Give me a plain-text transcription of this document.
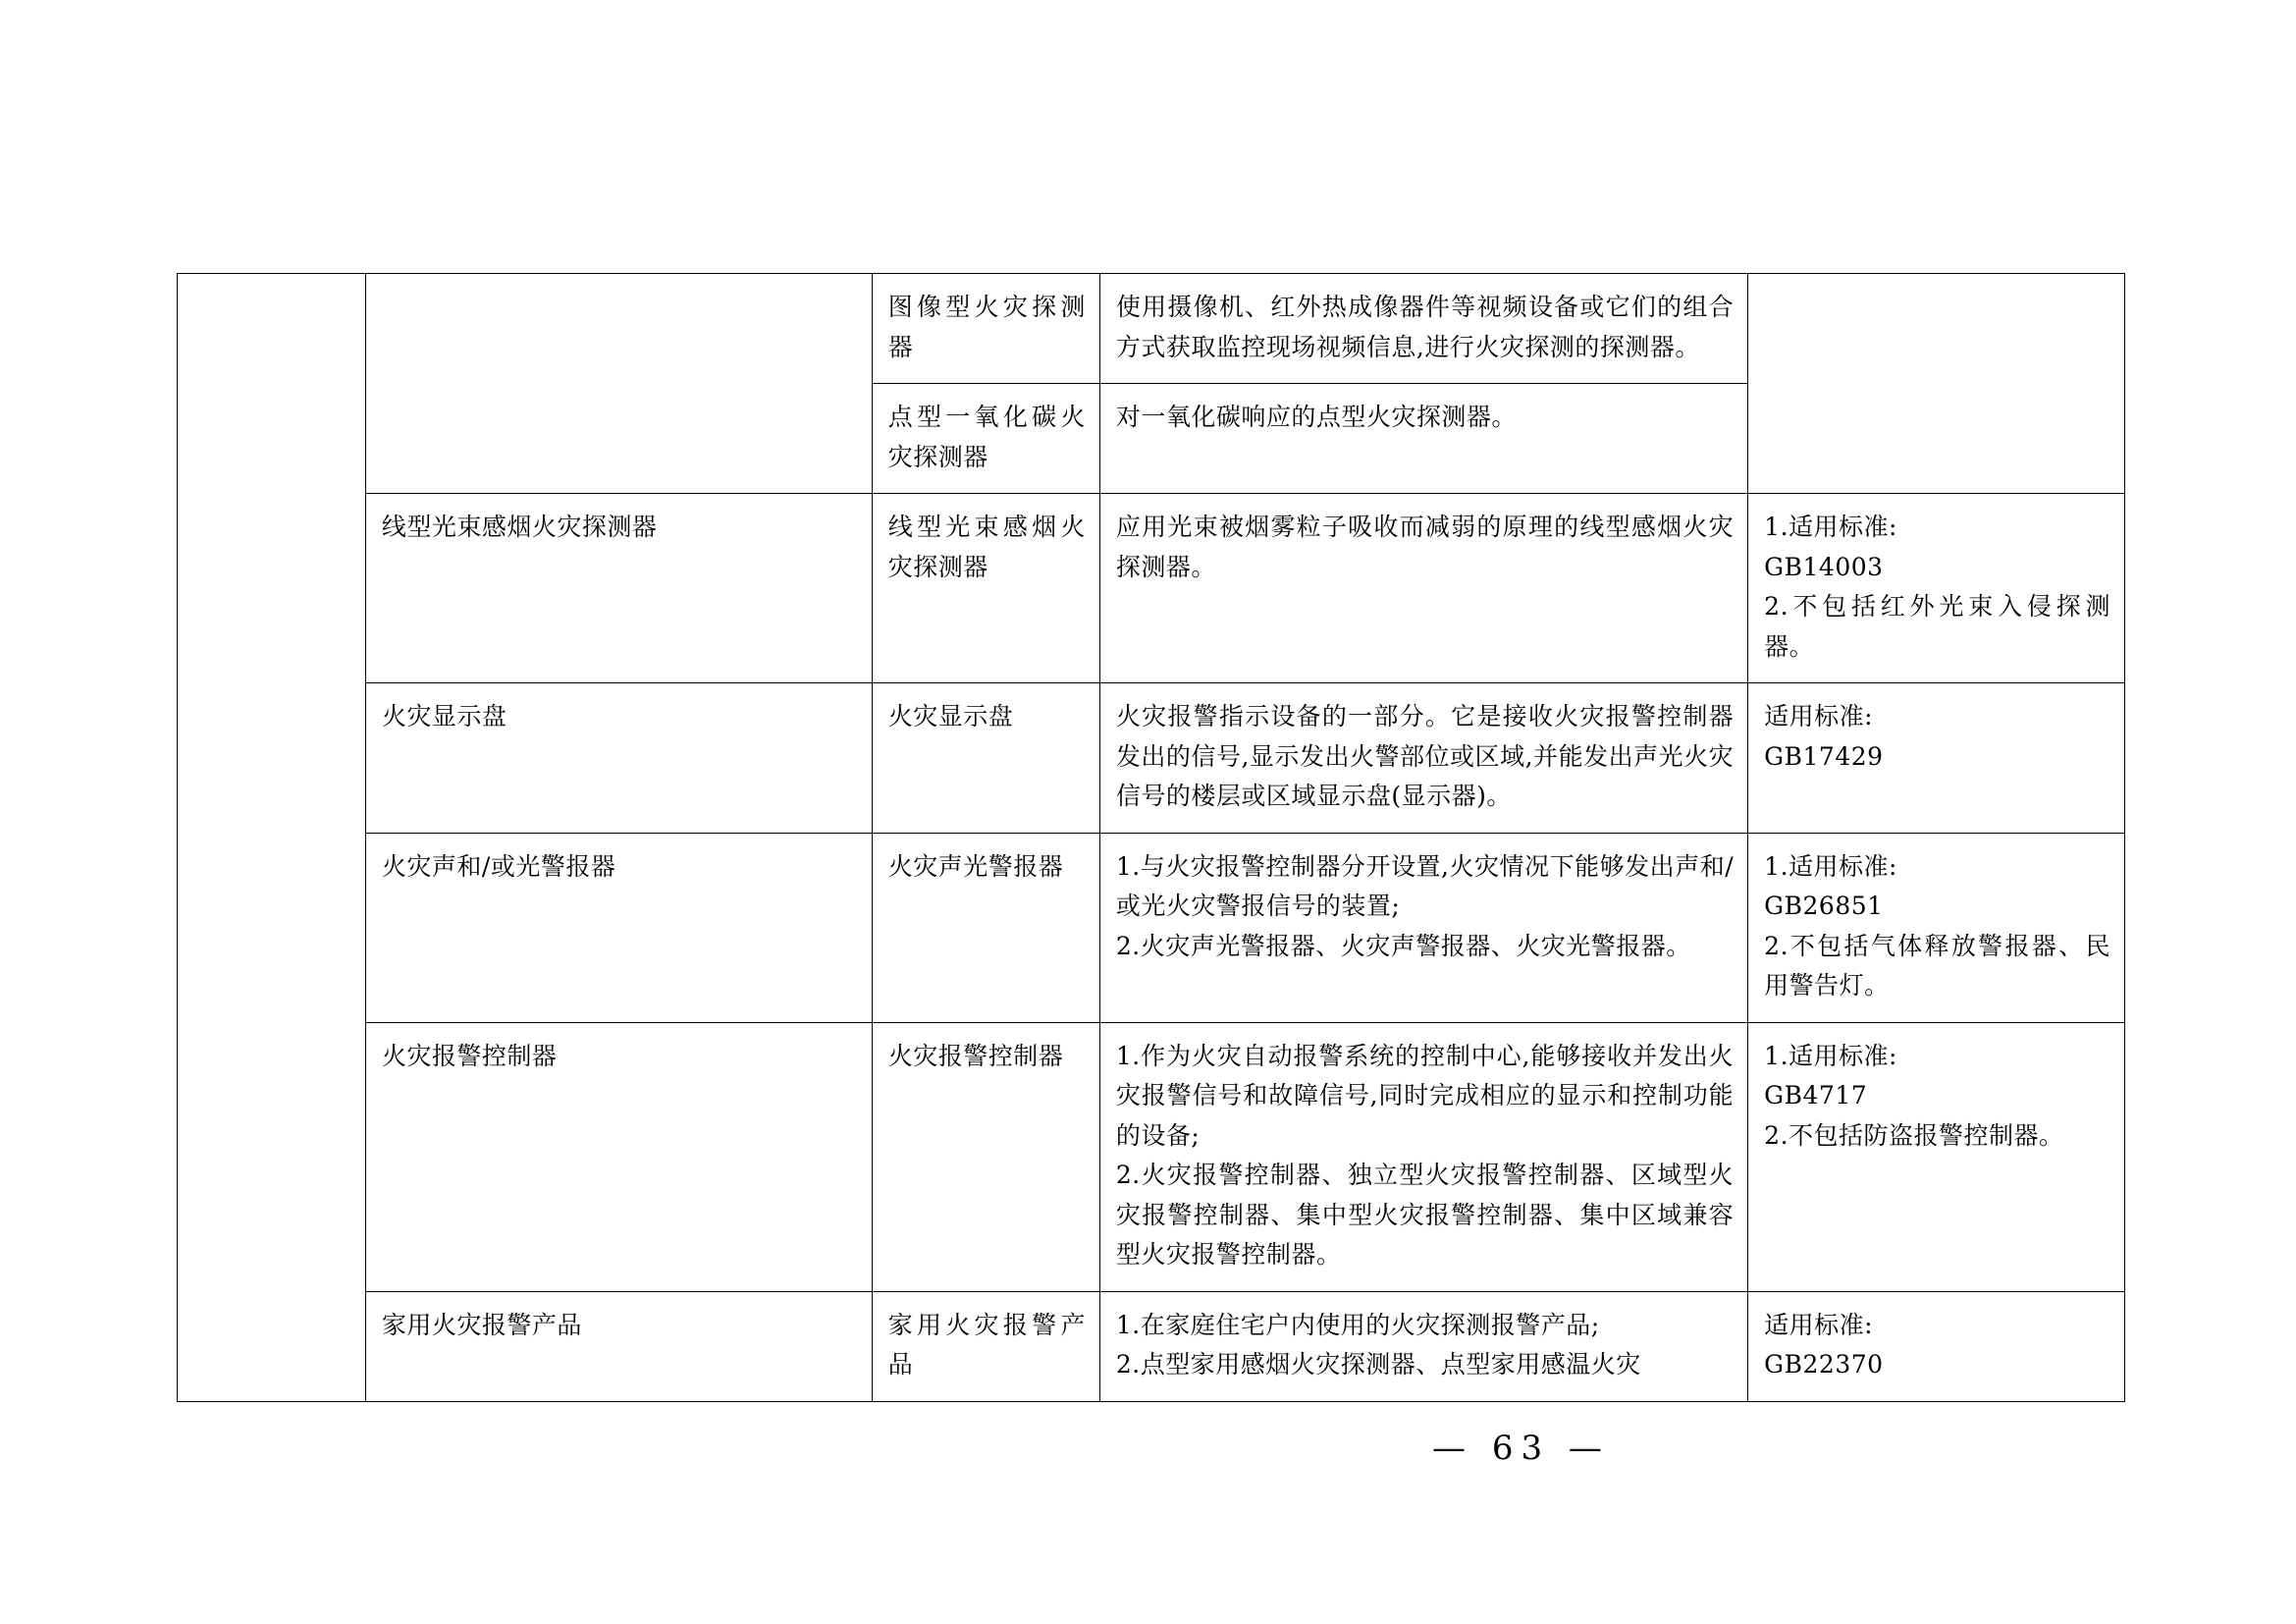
		图像型火灾探测器	使用摄像机、红外热成像器件等视频设备或它们的组合方式获取监控现场视频信息,进行火灾探测的探测器。	

		点型一氧化碳火灾探测器	对一氧化碳响应的点型火灾探测器。	

	线型光束感烟火灾探测器	线型光束感烟火灾探测器	应用光束被烟雾粒子吸收而减弱的原理的线型感烟火灾探测器。	1.适用标准:
GB14003
2.不包括红外光束入侵探测器。

	火灾显示盘	火灾显示盘	火灾报警指示设备的一部分。它是接收火灾报警控制器发出的信号,显示发出火警部位或区域,并能发出声光火灾信号的楼层或区域显示盘(显示器)。	适用标准:
GB17429

	火灾声和/或光警报器	火灾声光警报器	1.与火灾报警控制器分开设置,火灾情况下能够发出声和/或光火灾警报信号的装置;
2.火灾声光警报器、火灾声警报器、火灾光警报器。	1.适用标准:
GB26851
2.不包括气体释放警报器、民用警告灯。

	火灾报警控制器	火灾报警控制器	1.作为火灾自动报警系统的控制中心,能够接收并发出火灾报警信号和故障信号,同时完成相应的显示和控制功能的设备;
2.火灾报警控制器、独立型火灾报警控制器、区域型火灾报警控制器、集中型火灾报警控制器、集中区域兼容型火灾报警控制器。	1.适用标准:
GB4717
2.不包括防盗报警控制器。

	家用火灾报警产品	家用火灾报警产品	1.在家庭住宅户内使用的火灾探测报警产品;
2.点型家用感烟火灾探测器、点型家用感温火灾	适用标准:
GB22370

— 63 —
